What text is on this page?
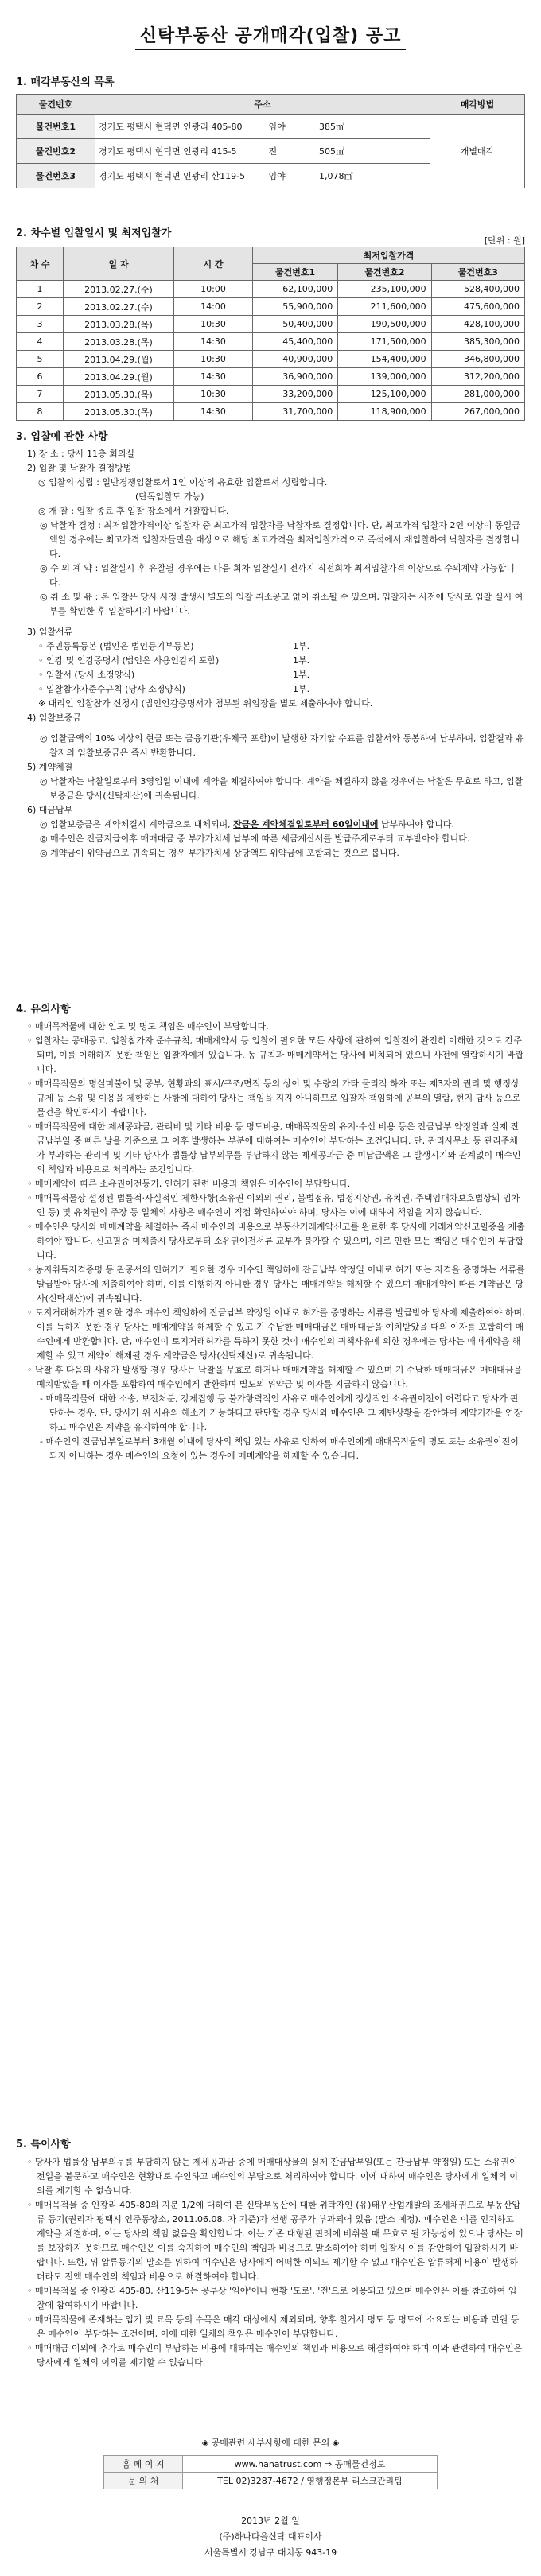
신탁부동산 공개매각(입찰) 공고
1. 매각부동산의 목록
물건번호	주소	매각방법
물건번호1	경기도 평택시 현덕면 인광리 405-80 임야 385㎡	개별매각
물건번호2	경기도 평택시 현덕면 인광리 415-5 전 505㎡	
물건번호3	경기도 평택시 현덕면 인광리 산119-5 임야 1,078㎡	
2. 차수별 입찰일시 및 최저입찰가
[단위 : 원]
차 수	일 자	시 간	최저입찰가격		
			물건번호1	물건번호2	물건번호3
1	2013.02.27.(수)	10:00	62,100,000	235,100,000	528,400,000
2	2013.02.27.(수)	14:00	55,900,000	211,600,000	475,600,000
3	2013.03.28.(목)	10:30	50,400,000	190,500,000	428,100,000
4	2013.03.28.(목)	14:30	45,400,000	171,500,000	385,300,000
5	2013.04.29.(월)	10:30	40,900,000	154,400,000	346,800,000
6	2013.04.29.(월)	14:30	36,900,000	139,000,000	312,200,000
7	2013.05.30.(목)	10:30	33,200,000	125,100,000	281,000,000
8	2013.05.30.(목)	14:30	31,700,000	118,900,000	267,000,000
3. 입찰에 관한 사항

1) 장 소 : 당사 11층 회의실

2) 입찰 및 낙찰자 결정방법

◎ 입찰의 성립 : 일반경쟁입찰로서 1인 이상의 유효한 입찰로서 성립합니다.

(단독입찰도 가능)

◎ 개 찰 : 입찰 종료 후 입찰 장소에서 개찰합니다.

◎ 낙찰자 결정 : 최저입찰가격이상 입찰자 중 최고가격 입찰자를 낙찰자로 결정합니다. 단, 최고가격 입찰자 2인 이상이 동일금액일 경우에는 최고가격 입찰자들만을 대상으로 해당 최고가격을 최저입찰가격으로 즉석에서 재입찰하여 낙찰자를 결정합니다.

◎ 수 의 계 약 : 입찰실시 후 유찰될 경우에는 다음 회차 입찰실시 전까지 직전회차 최저입찰가격 이상으로 수의계약 가능합니다.

◎ 취 소 및 유 : 본 입찰은 당사 사정 발생시 별도의 입찰 취소공고 없이 취소될 수 있으며, 입찰자는 사전에 당사로 입찰 실시 여부를 확인한 후 입찰하시기 바랍니다.

3) 입찰서류

◦ 주민등록등본 (법인은 법인등기부등본)	1부.
◦ 인감 및 인감증명서 (법인은 사용인감계 포함)	1부.
◦ 입찰서 (당사 소정양식)	1부.
◦ 입찰참가자준수규칙 (당사 소정양식)	1부.

※ 대리인 입찰참가 신청시 (법인인감증명서가 첨부된 위임장을 별도 제출하여야 합니다.

4) 입찰보증금

◎ 입찰금액의 10% 이상의 현금 또는 금융기관(우체국 포함)이 발행한 자기앞 수표를 입찰서와 동봉하여 납부하며, 입찰결과 유찰자의 입찰보증금은 즉시 반환합니다.

5) 계약체결

◎ 낙찰자는 낙찰일로부터 3영업일 이내에 계약을 체결하여야 합니다. 계약을 체결하지 않을 경우에는 낙찰은 무효로 하고, 입찰보증금은 당사(신탁재산)에 귀속됩니다.

6) 대금납부

◎ 입찰보증금은 계약체결시 계약금으로 대체되며, 잔금은 계약체결일로부터 60일이내에 납부하여야 합니다.

◎ 매수인은 잔금지급이후 매매대금 중 부가가치세 납부에 따른 세금계산서를 발급주체로부터 교부받아야 합니다.

◎ 계약금이 위약금으로 귀속되는 경우 부가가치세 상당액도 위약금에 포함되는 것으로 봅니다.

4. 유의사항

◦ 매매목적물에 대한 인도 및 명도 책임은 매수인이 부담합니다.

◦ 입찰자는 공매공고, 입찰참가자 준수규칙, 매매계약서 등 입찰에 필요한 모든 사항에 관하여 입찰전에 완전히 이해한 것으로 간주되며, 이를 이해하지 못한 책임은 입찰자에게 있습니다. 동 규칙과 매매계약서는 당사에 비치되어 있으니 사전에 열람하시기 바랍니다.

◦ 매매목적물의 명실미불이 및 공부, 현황과의 표시/구조/면적 등의 상이 및 수량의 가타 물리적 하자 또는 제3자의 권리 및 행정상 규제 등 소유 및 이용을 제한하는 사항에 대하여 당사는 책임을 지지 아니하므로 입찰자 책임하에 공부의 열람, 현지 답사 등으로 물건을 확인하시기 바랍니다.

◦ 매매목적물에 대한 제세공과금, 관리비 및 기타 비용 등 명도비용, 매매목적물의 유지·수선 비용 등은 잔금납부 약정일과 실제 잔금납부일 중 빠른 날을 기준으로 그 이후 발생하는 부분에 대하여는 매수인이 부담하는 조건입니다. 단, 관리사무소 등 관리주체가 부과하는 관리비 및 기타 당사가 법률상 납부의무를 부담하지 않는 제세공과금 중 미납금액은 그 발생시기와 관계없이 매수인의 책임과 비용으로 처리하는 조건입니다.

◦ 매매계약에 따른 소유권이전등기, 인허가 관련 비용과 책임은 매수인이 부담합니다.

◦ 매매목적물상 설정된 법률적·사실적인 제한사항(소유권 이외의 권리, 불법점유, 법정지상권, 유치권, 주택임대차보호법상의 임차인 등) 및 유치권의 주장 등 일체의 사항은 매수인이 직접 확인하여야 하며, 당사는 이에 대하여 책임을 지지 않습니다.

◦ 매수인은 당사와 매매계약을 체결하는 즉시 매수인의 비용으로 부동산거래계약신고를 완료한 후 당사에 거래계약신고필증을 제출하여야 합니다. 신고필증 미제출시 당사로부터 소유권이전서류 교부가 불가할 수 있으며, 이로 인한 모든 책임은 매수인이 부담합니다.

◦ 농지취득자격증명 등 관공서의 인허가가 필요한 경우 매수인 책임하에 잔금납부 약정일 이내로 허가 또는 자격을 증명하는 서류를 발급받아 당사에 제출하여야 하며, 이를 이행하지 아니한 경우 당사는 매매계약을 해제할 수 있으며 매매계약에 따른 계약금은 당사(신탁재산)에 귀속됩니다.

◦ 토지거래허가가 필요한 경우 매수인 책임하에 잔금납부 약정일 이내로 허가를 증명하는 서류를 발급받아 당사에 제출하여야 하며, 이를 득하지 못한 경우 당사는 매매계약을 해제할 수 있고 기 수납한 매매대금은 매매대금을 예치받았을 때의 이자를 포함하여 매수인에게 반환합니다. 단, 매수인이 토지거래허가를 득하지 못한 것이 매수인의 귀책사유에 의한 경우에는 당사는 매매계약을 해제할 수 있고 계약이 해제될 경우 계약금은 당사(신탁재산)로 귀속됩니다.

◦ 낙찰 후 다음의 사유가 발생할 경우 당사는 낙찰을 무효로 하거나 매매계약을 해제할 수 있으며 기 수납한 매매대금은 매매대금을 예치받았을 때 이자를 포함하여 매수인에게 반환하며 별도의 위약금 및 이자를 지급하지 않습니다.

- 매매목적물에 대한 소송, 보전처분, 강제집행 등 불가항력적인 사유로 매수인에게 정상적인 소유권이전이 어렵다고 당사가 판단하는 경우. 단, 당사가 위 사유의 해소가 가능하다고 판단할 경우 당사와 매수인은 그 제반상황을 감안하여 계약기간을 연장하고 매수인은 계약을 유지하여야 합니다.

- 매수인의 잔금납부일로부터 3개월 이내에 당사의 책임 있는 사유로 인하여 매수인에게 매매목적물의 명도 또는 소유권이전이 되지 아니하는 경우 매수인의 요청이 있는 경우에 매매계약을 해제할 수 있습니다.

5. 특이사항

◦ 당사가 법률상 납부의무를 부담하지 않는 제세공과금 중에 매매대상물의 실제 잔금납부일(또는 잔금납부 약정일) 또는 소유권이전일을 불문하고 매수인은 현황대로 수인하고 매수인의 부담으로 처리하여야 합니다. 이에 대하여 매수인은 당사에게 일체의 이의를 제기할 수 없습니다.

◦ 매매목적물 중 인광리 405-80의 지분 1/2에 대하여 본 신탁부동산에 대한 위탁자인 (유)태우산업개발의 조세채권으로 부동산압류 등기(권리자 평택시 인주동장소, 2011.06.08. 자 기준)가 선행 공주가 부과되어 있음 (말소 예정). 매수인은 이를 인지하고 계약을 체결하며, 이는 당사의 책임 없음을 확인합니다. 이는 기존 대형된 판례에 비취볼 때 무효로 될 가능성이 있으나 당사는 이를 보장하지 못하므로 매수인은 이를 숙지하여 매수인의 책임과 비용으로 말소하여야 하며 입찰시 이를 감안하여 입찰하시기 바랍니다. 또한, 위 압류등기의 말소를 위하여 매수인은 당사에게 어떠한 이의도 제기할 수 없고 매수인은 압류해제 비용이 발생하더라도 전액 매수인의 책임과 비용으로 해결하여야 합니다.

◦ 매매목적물 중 인광리 405-80, 산119-5는 공부상 '임야'이나 현황 '도로', '전'으로 이용되고 있으며 매수인은 이를 참조하여 입찰에 참여하시기 바랍니다.

◦ 매매목적물에 존재하는 입기 및 묘목 등의 수목은 매각 대상에서 제외되며, 향후 철거시 명도 등 명도에 소요되는 비용과 민원 등은 매수인이 부담하는 조건이며, 이에 대한 일체의 책임은 매수인이 부담합니다.

◦ 매매대금 이외에 추가로 매수인이 부담하는 비용에 대하여는 매수인의 책임과 비용으로 해결하여야 하며 이와 관련하여 매수인은 당사에게 일체의 이의를 제기할 수 없습니다.

◈ 공매관련 세부사항에 대한 문의 ◈
홈 페 이 지	www.hanatrust.com ⇒ 공매물건정보
문 의 처	TEL 02)3287-4672 / 영행정본부 리스크관리팀
2013년 2월 일
(주)하나다올신탁 대표이사
서울특별시 강남구 대치동 943-19
